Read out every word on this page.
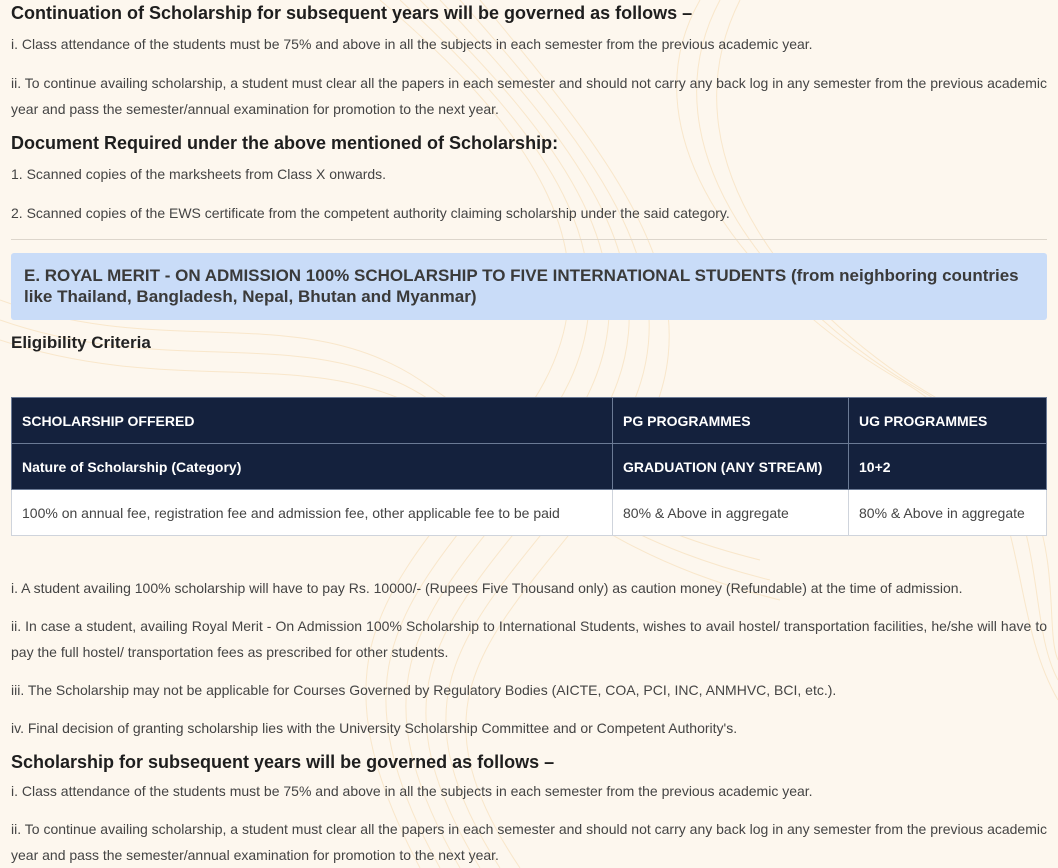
Continuation of Scholarship for subsequent years will be governed as follows –

i. Class attendance of the students must be 75% and above in all the subjects in each semester from the previous academic year.

ii. To continue availing scholarship, a student must clear all the papers in each semester and should not carry any back log in any semester from the previous academic year and pass the semester/annual examination for promotion to the next year.

Document Required under the above mentioned of Scholarship:

1. Scanned copies of the marksheets from Class X onwards.

2. Scanned copies of the EWS certificate from the competent authority claiming scholarship under the said category.

E. ROYAL MERIT - ON ADMISSION 100% SCHOLARSHIP TO FIVE INTERNATIONAL STUDENTS (from neighboring countries like Thailand, Bangladesh, Nepal, Bhutan and Myanmar)
Eligibility Criteria
SCHOLARSHIP OFFERED	PG PROGRAMMES	UG PROGRAMMES
Nature of Scholarship (Category)	GRADUATION (ANY STREAM)	10+2
100% on annual fee, registration fee and admission fee, other applicable fee to be paid	80% & Above in aggregate	80% & Above in aggregate

i. A student availing 100% scholarship will have to pay Rs. 10000/- (Rupees Five Thousand only) as caution money (Refundable) at the time of admission.

ii. In case a student, availing Royal Merit - On Admission 100% Scholarship to International Students, wishes to avail hostel/ transportation facilities, he/she will have to pay the full hostel/ transportation fees as prescribed for other students.

iii. The Scholarship may not be applicable for Courses Governed by Regulatory Bodies (AICTE, COA, PCI, INC, ANMHVC, BCI, etc.).

iv. Final decision of granting scholarship lies with the University Scholarship Committee and or Competent Authority's.

Scholarship for subsequent years will be governed as follows –

i. Class attendance of the students must be 75% and above in all the subjects in each semester from the previous academic year.

ii. To continue availing scholarship, a student must clear all the papers in each semester and should not carry any back log in any semester from the previous academic year and pass the semester/annual examination for promotion to the next year.
